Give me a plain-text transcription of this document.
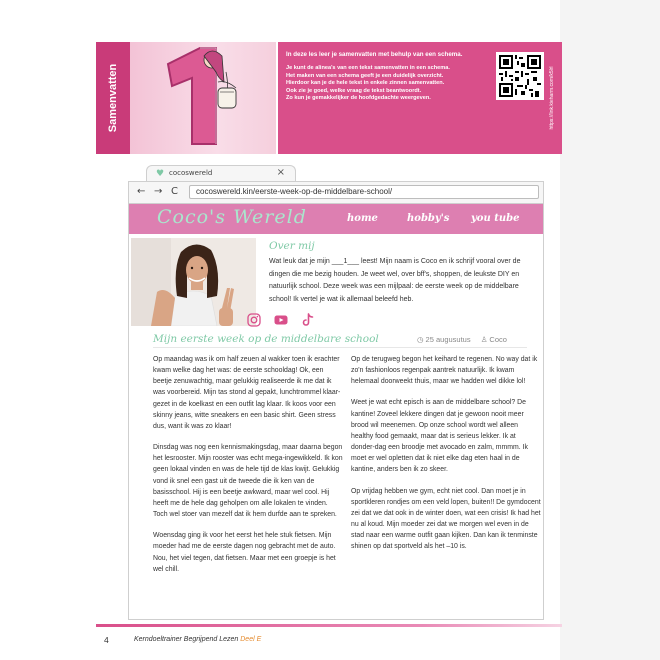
Samenvatten
In deze les leer je samenvatten met behulp van een schema.
Je kunt de alinea's van een tekst samenvatten in een schema.
Het maken van een schema geeft je een duidelijk overzicht.
Hierdoor kan je de hele tekst in enkele zinnen samenvatten.
Ook zie je goed, welke vraag de tekst beantwoordt.
Zo kun je gemakkelijker de hoofdgedachte weergeven.	https://link.kieharm.com/k5lrl
♥ cocoswereld	×
← → C	cocoswereld.kin/eerste-week-op-de-middelbare-school/
Coco's Wereld	home	hobby's you tube
Over mij
Wat leuk dat je mijn ___1___ leest! Mijn naam is Coco en ik schrijf vooral over de dingen die me bezig houden. Je weet wel, over bff's, shoppen, de leukste DIY en natuurlijk school. Deze week was een mijlpaal: de eerste week op de middelbare school! Ik vertel je wat ik allemaal beleefd heb.
Mijn eerste week op de middelbare school	◷ 25 augusutus ♙ Coco

Op maandag was ik om half zeuen al wakker toen ik erachter kwam welke dag het was: de eerste schooldag! Ok, een beetje zenuwachtig, maar gelukkig realiseerde ik me dat ik was voorbereid. Mijn tas stond al gepakt, lunchtrommel klaar-gezet in de koelkast en een outfit lag klaar. Ik koos voor een skinny jeans, witte sneakers en een basic shirt. Geen stress dus, want ik was zo klaar!

Dinsdag was nog een kennismakingsdag, maar daarna begon het lesrooster. Mijn rooster was echt mega-ingewikkeld. Ik kon geen lokaal vinden en was de hele tijd de klas kwijt. Gelukkig vond ik snel een gast uit de tweede die ik ken van de basisschool. Hij is een beetje awkward, maar wel cool. Hij heeft me de hele dag geholpen om alle lokalen te vinden. Toch wel stoer van mezelf dat ik hem durfde aan te spreken.

Woensdag ging ik voor het eerst het hele stuk fietsen. Mijn moeder had me de eerste dagen nog gebracht met de auto. Nou, het viel tegen, dat fietsen. Maar met een groepje is het wel chill.

Op de terugweg begon het keihard te regenen. No way dat ik zo'n fashionloos regenpak aantrek natuurlijk. Ik kwam helemaal doorweekt thuis, maar we hadden wel dikke lol!

Weet je wat echt episch is aan de middelbare school? De kantine! Zoveel lekkere dingen dat je gewoon nooit meer brood wil meenemen. Op onze school wordt wel alleen healthy food gemaakt, maar dat is serieus lekker. Ik at donder-dag een broodje met avocado en zalm, mmmm. Ik moet er wel opletten dat ik niet elke dag eten haal in de kantine, anders ben ik zo skeer.

Op vrijdag hebben we gym, echt niet cool. Dan moet je in sportkleren rondjes om een veld lopen, buiten!! De gymdocent zei dat we dat ook in de winter doen, wat een crisis! Ik had het nu al koud. Mijn moeder zei dat we morgen wel even in de stad naar een warme outfit gaan kijken. Dan kan ik tenminste shinen op dat sportveld als het –10 is.

4	Kerndoeltrainer Begrijpend Lezen Deel E
